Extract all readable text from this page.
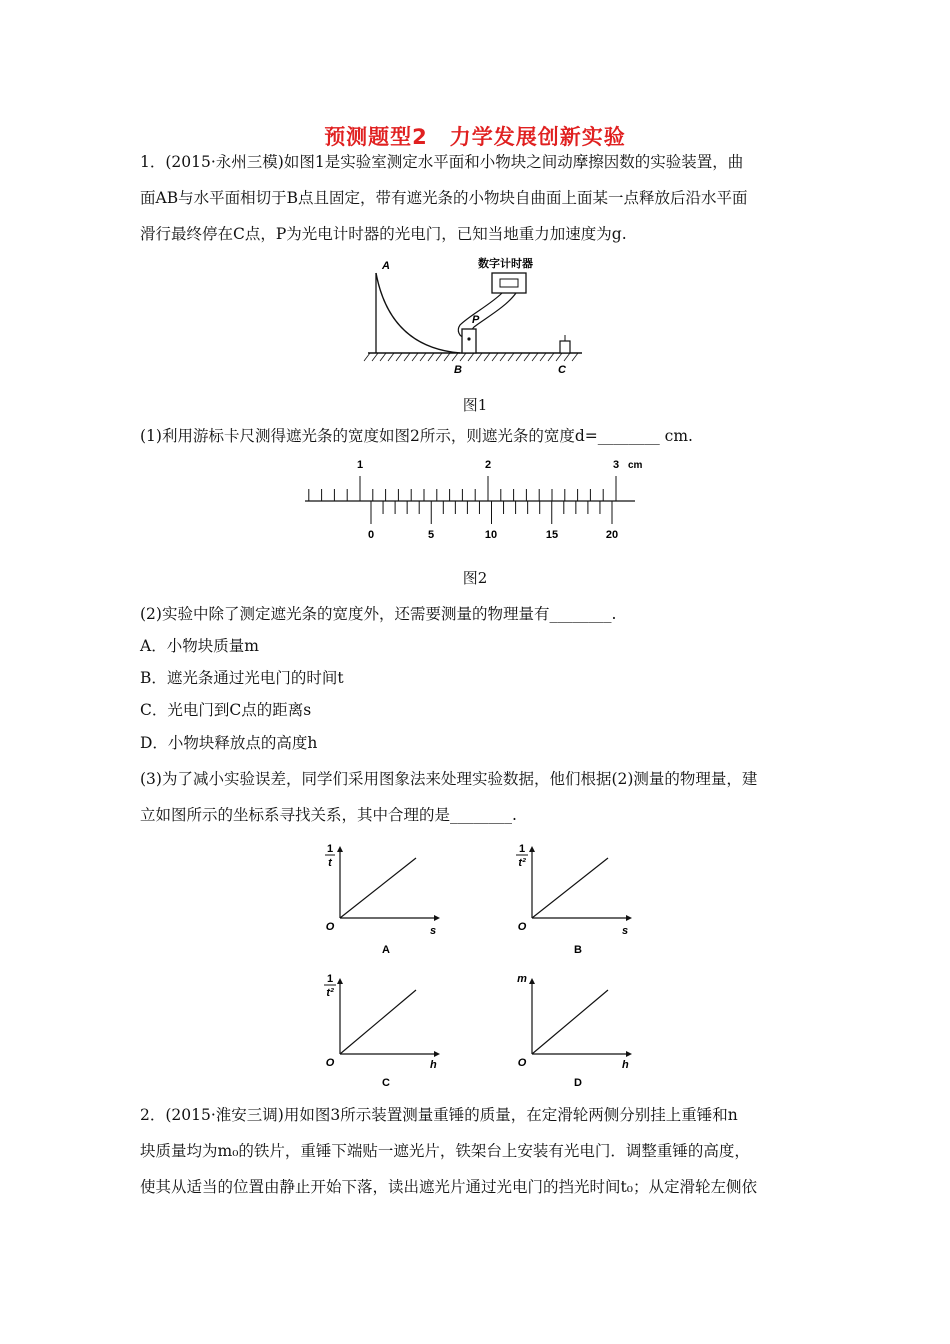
预测题型2　力学发展创新实验
1．(2015·永州三模)如图1是实验室测定水平面和小物块之间动摩擦因数的实验装置，曲
面AB与水平面相切于B点且固定，带有遮光条的小物块自曲面上面某一点释放后沿水平面
滑行最终停在C点，P为光电计时器的光电门，已知当地重力加速度为g.
A
B	C
P
数字计时器
图1
(1)利用游标卡尺测得遮光条的宽度如图2所示，则遮光条的宽度d=________ cm.
1	2	3 cm
0	5	10	15	20
图2
(2)实验中除了测定遮光条的宽度外，还需要测量的物理量有________.
A．小物块质量m
B．遮光条通过光电门的时间t
C．光电门到C点的距离s
D．小物块释放点的高度h
(3)为了减小实验误差，同学们采用图象法来处理实验数据，他们根据(2)测量的物理量，建
立如图所示的坐标系寻找关系，其中合理的是________.
1
t
O	s
A
1
t²
O	s
B
1
t²
O	h
C
m
O	h
D
2．(2015·淮安三调)用如图3所示装置测量重锤的质量，在定滑轮两侧分别挂上重锤和n
块质量均为m₀的铁片，重锤下端贴一遮光片，铁架台上安装有光电门．调整重锤的高度，
使其从适当的位置由静止开始下落，读出遮光片通过光电门的挡光时间t₀；从定滑轮左侧依
